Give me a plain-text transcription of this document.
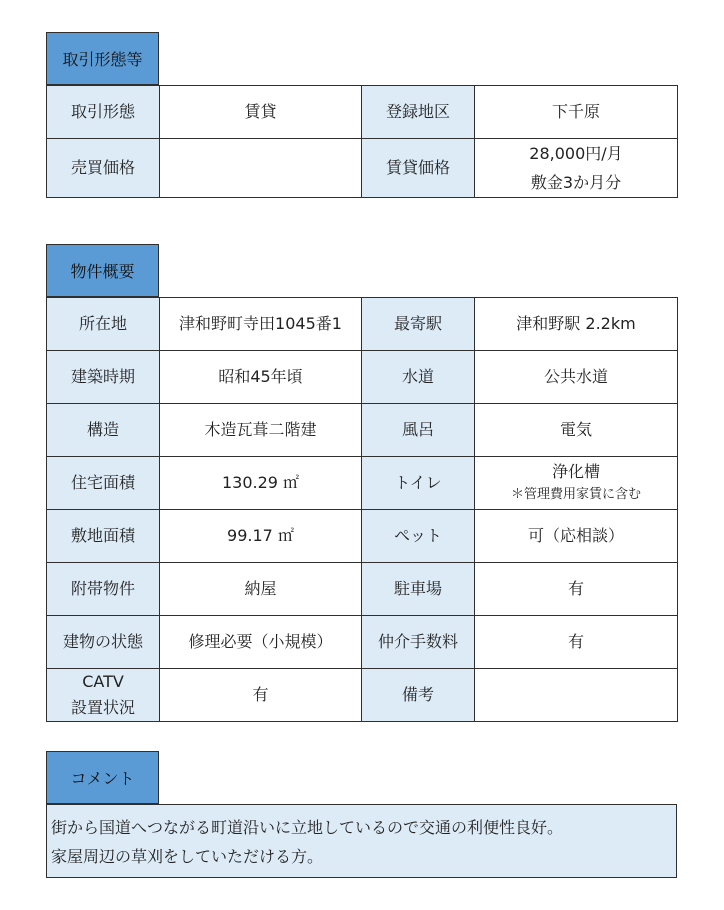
取引形態等
取引形態	賃貸	登録地区	下千原
売買価格		賃貸価格	28,000円/月
敷金3か月分
物件概要
所在地	津和野町寺田1045番1	最寄駅	津和野駅 2.2km
建築時期	昭和45年頃	水道	公共水道
構造	木造瓦葺二階建	風呂	電気
住宅面積	130.29 ㎡	トイレ	浄化槽
＊管理費用家賃に含む

敷地面積	99.17 ㎡	ペット	可（応相談）
附帯物件	納屋	駐車場	有
建物の状態	修理必要（小規模）	仲介手数料	有

CATV
設置状況	有	備考	
コメント
街から国道へつながる町道沿いに立地しているので交通の利便性良好。
家屋周辺の草刈をしていただける方。
